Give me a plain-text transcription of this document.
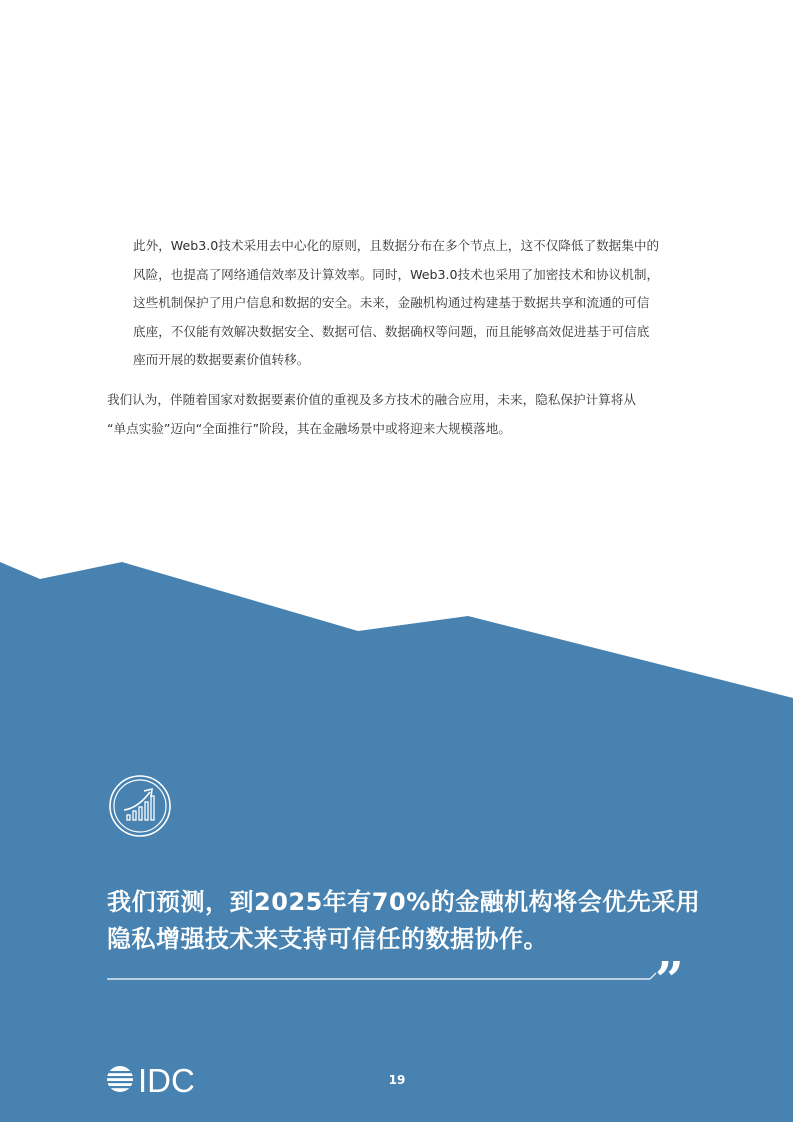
此外，Web3.0技术采用去中心化的原则，且数据分布在多个节点上，这不仅降低了数据集中的
风险，也提高了网络通信效率及计算效率。同时，Web3.0技术也采用了加密技术和协议机制，
这些机制保护了用户信息和数据的安全。未来，金融机构通过构建基于数据共享和流通的可信
底座，不仅能有效解决数据安全、数据可信、数据确权等问题，而且能够高效促进基于可信底
座而开展的数据要素价值转移。
我们认为，伴随着国家对数据要素价值的重视及多方技术的融合应用，未来，隐私保护计算将从
“单点实验”迈向“全面推行”阶段，其在金融场景中或将迎来大规模落地。
我们预测，到2025年有70%的金融机构将会优先采用
隐私增强技术来支持可信任的数据协作。
”
IDC	19
